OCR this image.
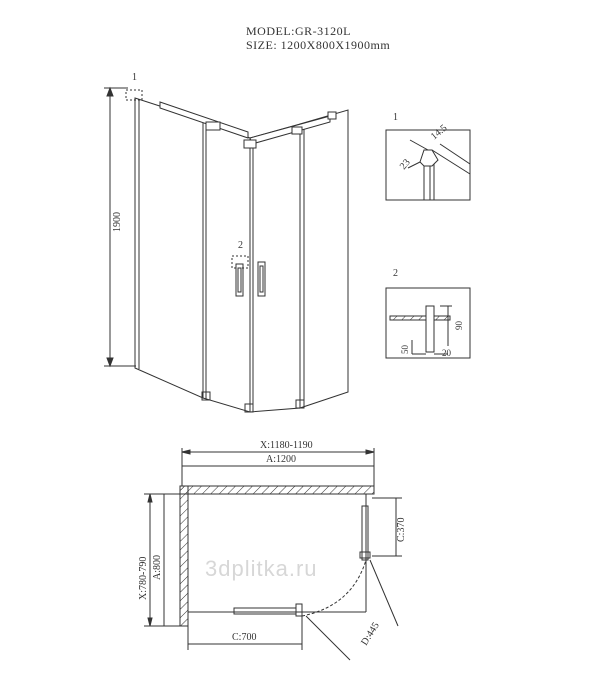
MODEL:GR-3120L
SIZE: 1200X800X1900mm
1
2
1900
1
14.5
23
2
90
50	20
X:1180-1190
A:1200
X:780-790 A:800
C:370
C:700	D:445
3dplitka.ru
